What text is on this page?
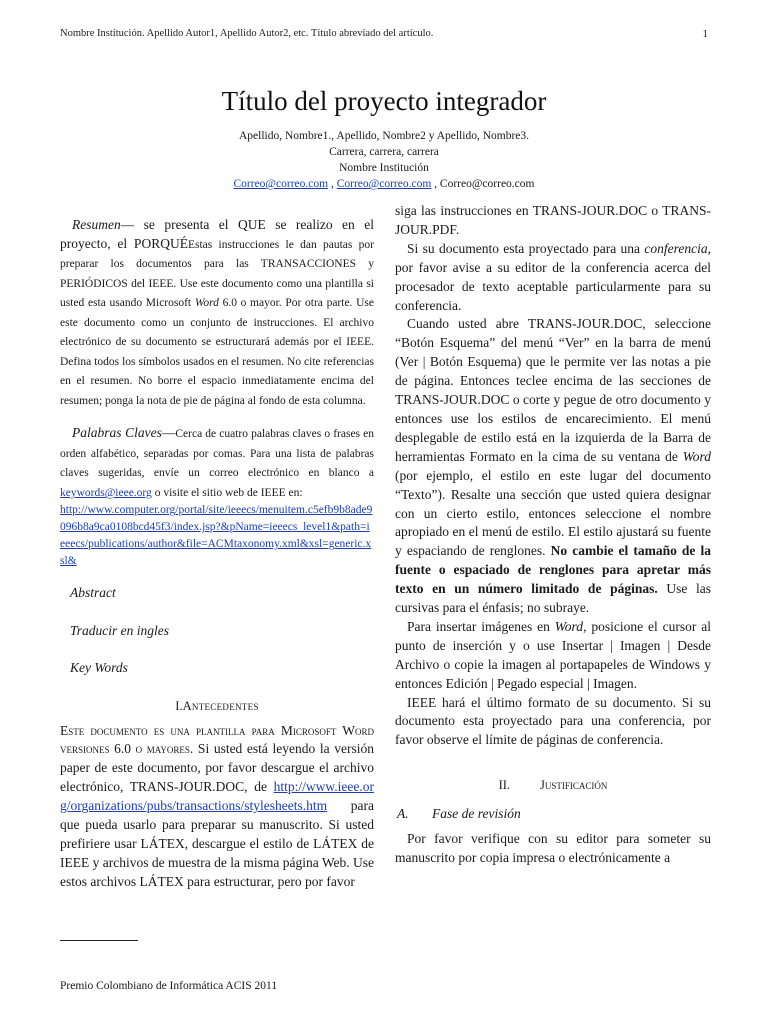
Nombre Institución. Apellido Autor1, Apellido Autor2, etc. Título abreviado del artículo.	1
Título del proyecto integrador
Apellido, Nombre1., Apellido, Nombre2 y Apellido, Nombre3.
Carrera, carrera, carrera
Nombre Institución
Correo@correo.com , Correo@correo.com , Correo@correo.com

Resumen— se presenta el QUE se realizo en el proyecto, el PORQUÉEstas instrucciones le dan pautas por preparar los documentos para las TRANSACCIONES y PERIÓDICOS del IEEE. Use este documento como una plantilla si usted esta usando Microsoft Word 6.0 o mayor. Por otra parte. Use este documento como un conjunto de instrucciones. El archivo electrónico de su documento se estructurará además por el IEEE. Defina todos los símbolos usados en el resumen. No cite referencias en el resumen. No borre el espacio inmediatamente encima del resumen; ponga la nota de pie de página al fondo de esta columna.

Palabras Claves—Cerca de cuatro palabras claves o frases en orden alfabético, separadas por comas. Para una lista de palabras claves sugeridas, envíe un correo electrónico en blanco a keywords@ieee.org o visite el sitio web de IEEE en:

http://www.computer.org/portal/site/ieeecs/menuitem.c5efb9b8ade9096b8a9ca0108bcd45f3/index.jsp?&pName=ieeecs_level1&path=ieeecs/publications/author&file=ACMtaxonomy.xml&xsl=generic.xsl&
Abstract
Traducir en ingles
Key Words
I.Antecedentes

Este documento es una plantilla para Microsoft Word versiones 6.0 o mayores. Si usted está leyendo la versión paper de este documento, por favor descargue el archivo electrónico, TRANS-JOUR.DOC, de http://www.ieee.org/organizations/pubs/transactions/stylesheets.htm para que pueda usarlo para preparar su manuscrito. Si usted prefiriere usar LÁTEX, descargue el estilo de LÁTEX de IEEE y archivos de muestra de la misma página Web. Use estos archivos LÁTEX para estructurar, pero por favor

Premio Colombiano de Informática ACIS 2011

siga las instrucciones en TRANS-JOUR.DOC o TRANS-JOUR.PDF.

Si su documento esta proyectado para una conferencia, por favor avise a su editor de la conferencia acerca del procesador de texto aceptable particularmente para su conferencia.

Cuando usted abre TRANS-JOUR.DOC, seleccione “Botón Esquema” del menú “Ver” en la barra de menú (Ver | Botón Esquema) que le permite ver las notas a pie de página. Entonces teclee encima de las secciones de TRANS-JOUR.DOC o corte y pegue de otro documento y entonces use los estilos de encarecimiento. El menú desplegable de estilo está en la izquierda de la Barra de herramientas Formato en la cima de su ventana de Word (por ejemplo, el estilo en este lugar del documento “Texto”). Resalte una sección que usted quiera designar con un cierto estilo, entonces seleccione el nombre apropiado en el menú de estilo. El estilo ajustará su fuente y espaciando de renglones. No cambie el tamaño de la fuente o espaciado de renglones para apretar más texto en un número limitado de páginas. Use las cursivas para el énfasis; no subraye.

Para insertar imágenes en Word, posicione el cursor al punto de inserción y o use Insertar | Imagen | Desde Archivo o copie la imagen al portapapeles de Windows y entonces Edición | Pegado especial | Imagen.

IEEE hará el último formato de su documento. Si su documento esta proyectado para una conferencia, por favor observe el límite de páginas de conferencia.

II. Justificación
A. Fase de revisión

Por favor verifique con su editor para someter su manuscrito por copia impresa o electrónicamente a
